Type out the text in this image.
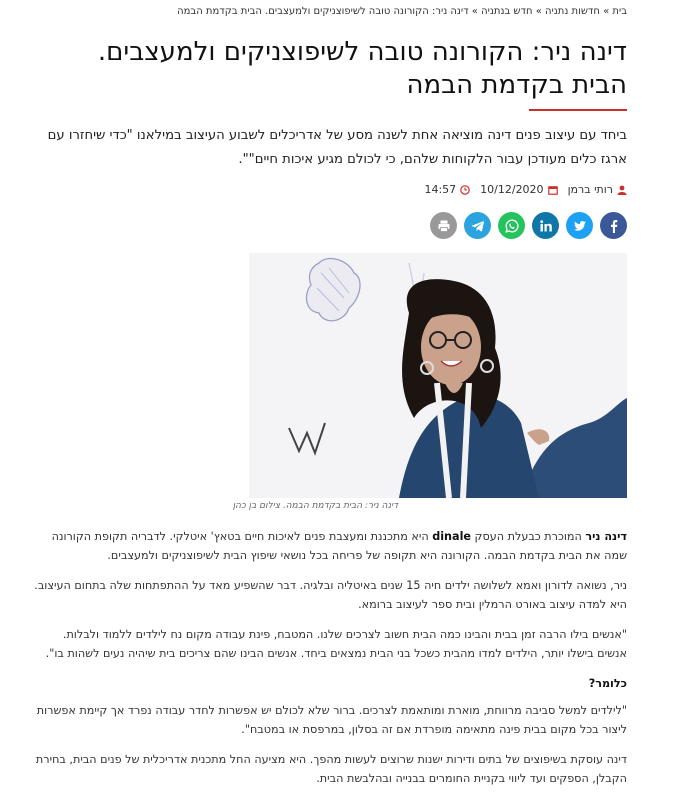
בית » חדשות נתניה » חדש בנתניה » דינה ניר: הקורונה טובה לשיפוצניקים ולמעצבים. הבית בקדמת הבמה
דינה ניר: הקורונה טובה לשיפוצניקים ולמעצבים.
הבית בקדמת הבמה
ביחד עם עיצוב פנים דינה מוציאה אחת לשנה מסע של אדריכלים לשבוע העיצוב במילאנו "כדי שיחזרו עם ארגז כלים מעודכן עבור הלקוחות שלהם, כי לכולם מגיע איכות חיים"".
רותי ברמן
10/12/2020
14:57
דינה ניר: הבית בקדמת הבמה. צילום בן כהן

דינה ניר המוכרת כבעלת העסק dinale היא מתכננת ומעצבת פנים לאיכות חיים בטאץ' איטלקי. לדבריה תקופת הקורונה שמה את הבית בקדמת הבמה. הקורונה היא תקופה של פריחה בכל נושאי שיפוץ הבית לשיפוצניקים ולמעצבים.

ניר, נשואה לדורון ואמא לשלושה ילדים חיה 15 שנים באיטליה ובלגיה. דבר שהשפיע מאד על ההתפתחות שלה בתחום העיצוב. היא למדה עיצוב באורט הרמלין ובית ספר לעיצוב ברומא.

"אנשים בילו הרבה זמן בבית והבינו כמה הבית חשוב לצרכים שלנו. המטבח, פינת עבודה מקום נח לילדים ללמוד ולבלות. אנשים בישלו יותר, הילדים למדו מהבית כשכל בני הבית נמצאים ביחד. אנשים הבינו שהם צריכים בית שיהיה נעים לשהות בו".

כלומר?

"לילדים למשל סביבה מרווחת, מוארת ומותאמת לצרכים. ברור שלא לכולם יש אפשרות לחדר עבודה נפרד אך קיימת אפשרות ליצור בכל מקום בבית פינה מתאימה מופרדת אם זה בסלון, במרפסת או במטבח".

דינה עוסקת בשיפוצים של בתים ודירות ישנות שרוצים לעשות מהפך. היא מציעה החל מתכנית אדריכלית של פנים הבית, בחירת הקבלן, הספקים ועד ליווי בקניית החומרים בבנייה ובהלבשת הבית.
